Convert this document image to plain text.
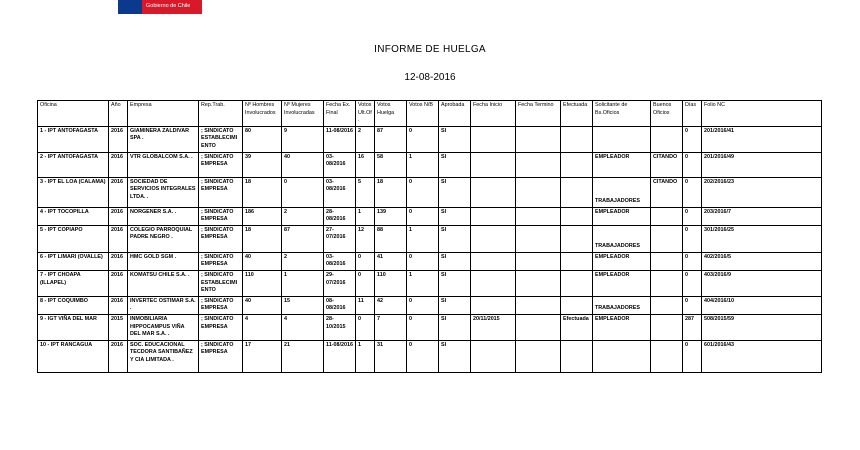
Gobierno de Chile
INFORME DE HUELGA
12-08-2016
Oficina	Año	Empresa	Rep.Trab.	Nº Hombres Involucrados	Nº Mujeres Involucradas	Fecha Ex. Final	Votos Ult.Of.	Votos Huelga	Votos N/B	Aprobada	Fecha Inicio	Fecha Termino	Efectuada	Solicitante de Bs.Oficios	Buenos Oficios	Días	Folio NC
1 - IPT ANTOFAGASTA	2016	GIAMINERA ZALDIVAR SPA .	; SINDICATO ESTABLECIMIENTO	80	9	11-08/2016	2	87	0	SI						0	201/2016/41
2 - IPT ANTOFAGASTA	2016	VTR GLOBALCOM S.A. .	; SINDICATO EMPRESA	39	40	03-08/2016	16	58	1	SI				EMPLEADOR	CITANDO	0	201/2016/49
3 - IPT EL LOA (CALAMA)	2016	SOCIEDAD DE SERVICIOS INTEGRALES LTDA. .	; SINDICATO EMPRESA	18	0	03-08/2016	5	18	0	SI				TRABAJADORES	CITANDO	0	202/2016/23
4 - IPT TOCOPILLA	2016	NORGENER S.A. .	; SINDICATO EMPRESA	186	2	28-08/2016	1	139	0	SI				EMPLEADOR		0	203/2016/7
5 - IPT COPIAPO	2016	COLEGIO PARROQUIAL PADRE NEGRO .	; SINDICATO EMPRESA	18	87	27-07/2016	12	88	1	SI				TRABAJADORES		0	301/2016/25
6 - IPT LIMARI (OVALLE)	2016	HMC GOLD SGM .	; SINDICATO EMPRESA	40	2	03-08/2016	0	41	0	SI				EMPLEADOR		0	402/2016/5
7 - IPT CHOAPA (ILLAPEL)	2016	KOMATSU CHILE S.A. .	; SINDICATO ESTABLECIMIENTO	110	1	29-07/2016	0	110	1	SI				EMPLEADOR		0	403/2016/9
8 - IPT COQUIMBO	2016	INVERTEC OSTIMAR S.A. .	; SINDICATO EMPRESA	40	15	08-08/2016	11	42	0	SI				TRABAJADORES		0	404/2016/10
9 - IGT VIÑA DEL MAR	2015	INMOBILIARIA HIPPOCAMPUS VIÑA DEL MAR S.A. .	; SINDICATO EMPRESA	4	4	28-10/2015	0	7	0	SI	20/11/2015		Efectuada	EMPLEADOR		287	508/2015/59
10 - IPT RANCAGUA	2016	SOC. EDUCACIONAL TECDORA SANTIBAÑEZ Y CIA LIMITADA .	; SINDICATO EMPRESA	17	21	11-08/2016	1	31	0	SI						0	601/2016/43
